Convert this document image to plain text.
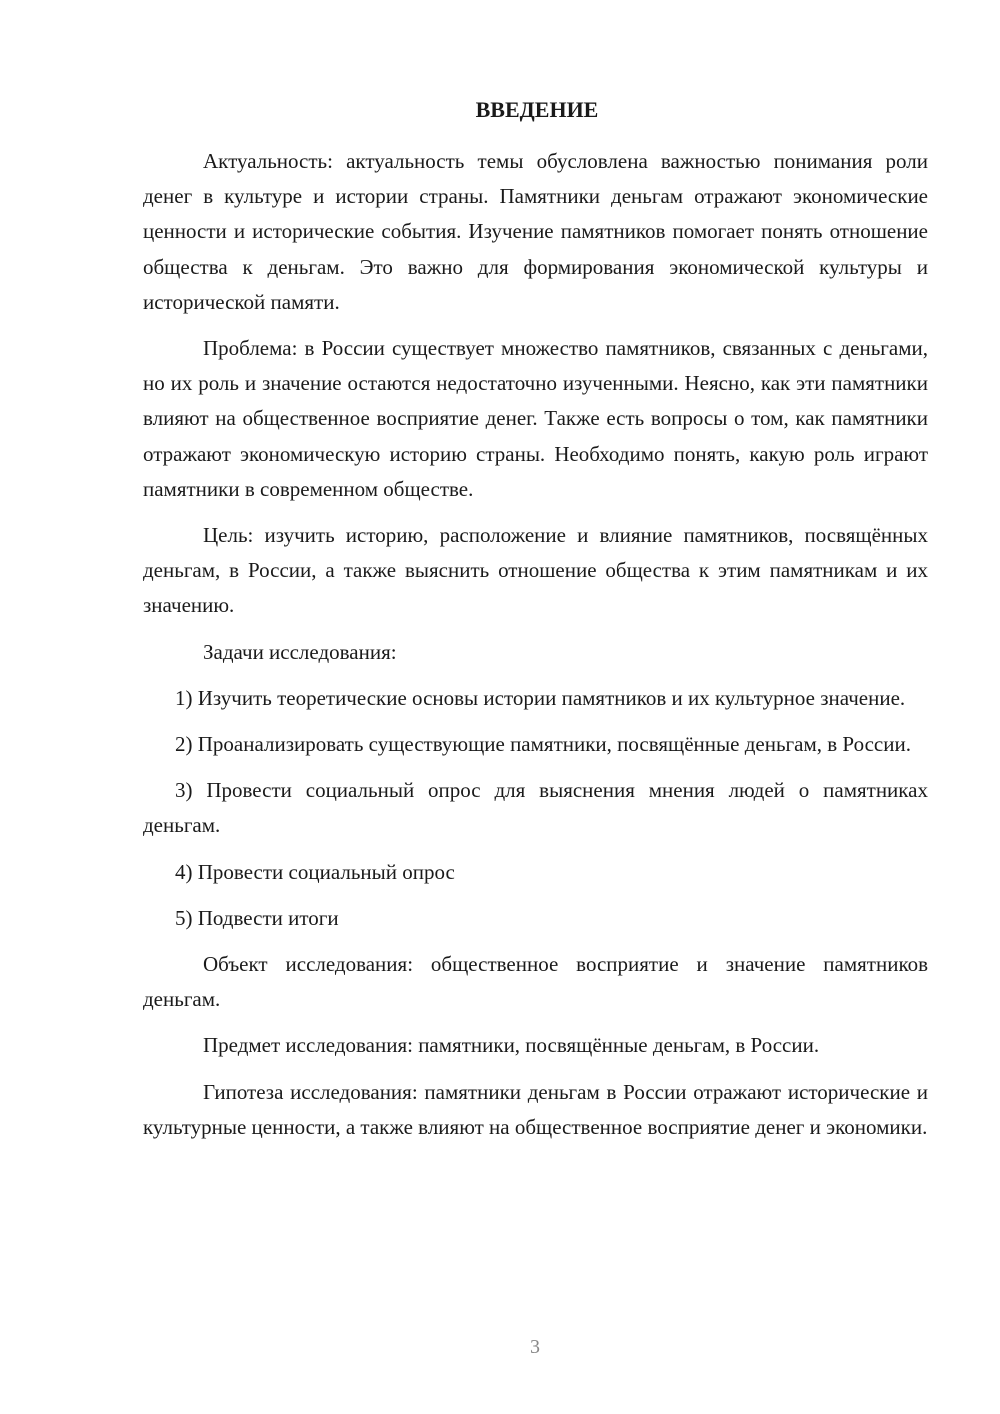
ВВЕДЕНИЕ

Актуальность: актуальность темы обусловлена важностью понимания роли денег в культуре и истории страны. Памятники деньгам отражают экономические ценности и исторические события. Изучение памятников помогает понять отношение общества к деньгам. Это важно для формирования экономической культуры и исторической памяти.

Проблема: в России существует множество памятников, связанных с деньгами, но их роль и значение остаются недостаточно изученными. Неясно, как эти памятники влияют на общественное восприятие денег. Также есть вопросы о том, как памятники отражают экономическую историю страны. Необходимо понять, какую роль играют памятники в современном обществе.

Цель: изучить историю, расположение и влияние памятников, посвящённых деньгам, в России, а также выяснить отношение общества к этим памятникам и их значению.

Задачи исследования:

1) Изучить теоретические основы истории памятников и их культурное значение.

2) Проанализировать существующие памятники, посвящённые деньгам, в России.

3) Провести социальный опрос для выяснения мнения людей о памятниках деньгам.

4) Провести социальный опрос

5) Подвести итоги

Объект исследования: общественное восприятие и значение памятников деньгам.

Предмет исследования: памятники, посвящённые деньгам, в России.

Гипотеза исследования: памятники деньгам в России отражают исторические и культурные ценности, а также влияют на общественное восприятие денег и экономики.

3
